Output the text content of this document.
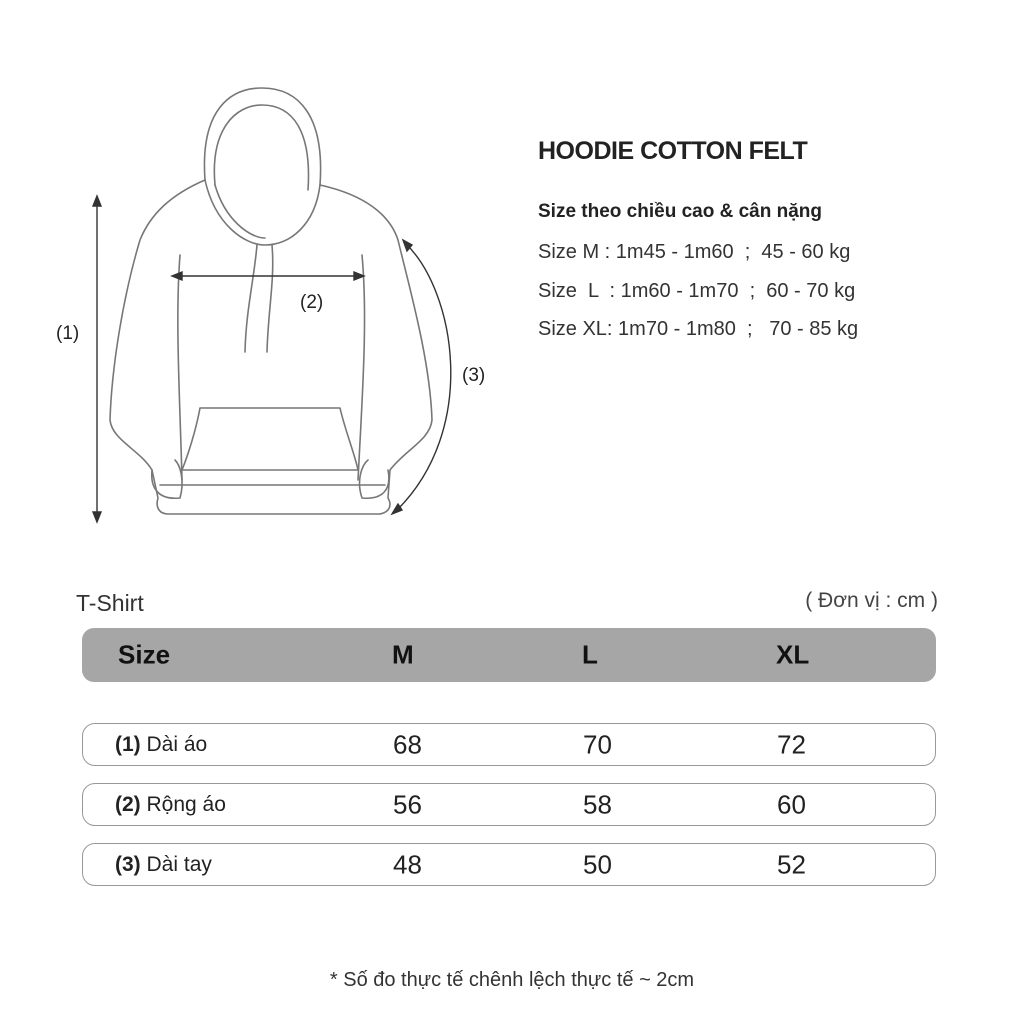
(1)
(2)
(3)
HOODIE COTTON FELT
Size theo chiều cao & cân nặng
Size M : 1m45 - 1m60  ;  45 - 60 kg
Size  L  : 1m60 - 1m70  ;  60 - 70 kg
Size XL: 1m70 - 1m80  ;   70 - 85 kg
T-Shirt	( Đơn vị : cm )
Size	M	L	XL
(1) Dài áo	68	70	72
(2) Rộng áo	56	58	60
(3) Dài tay	48	50	52
* Số đo thực tế chênh lệch thực tế ~ 2cm
